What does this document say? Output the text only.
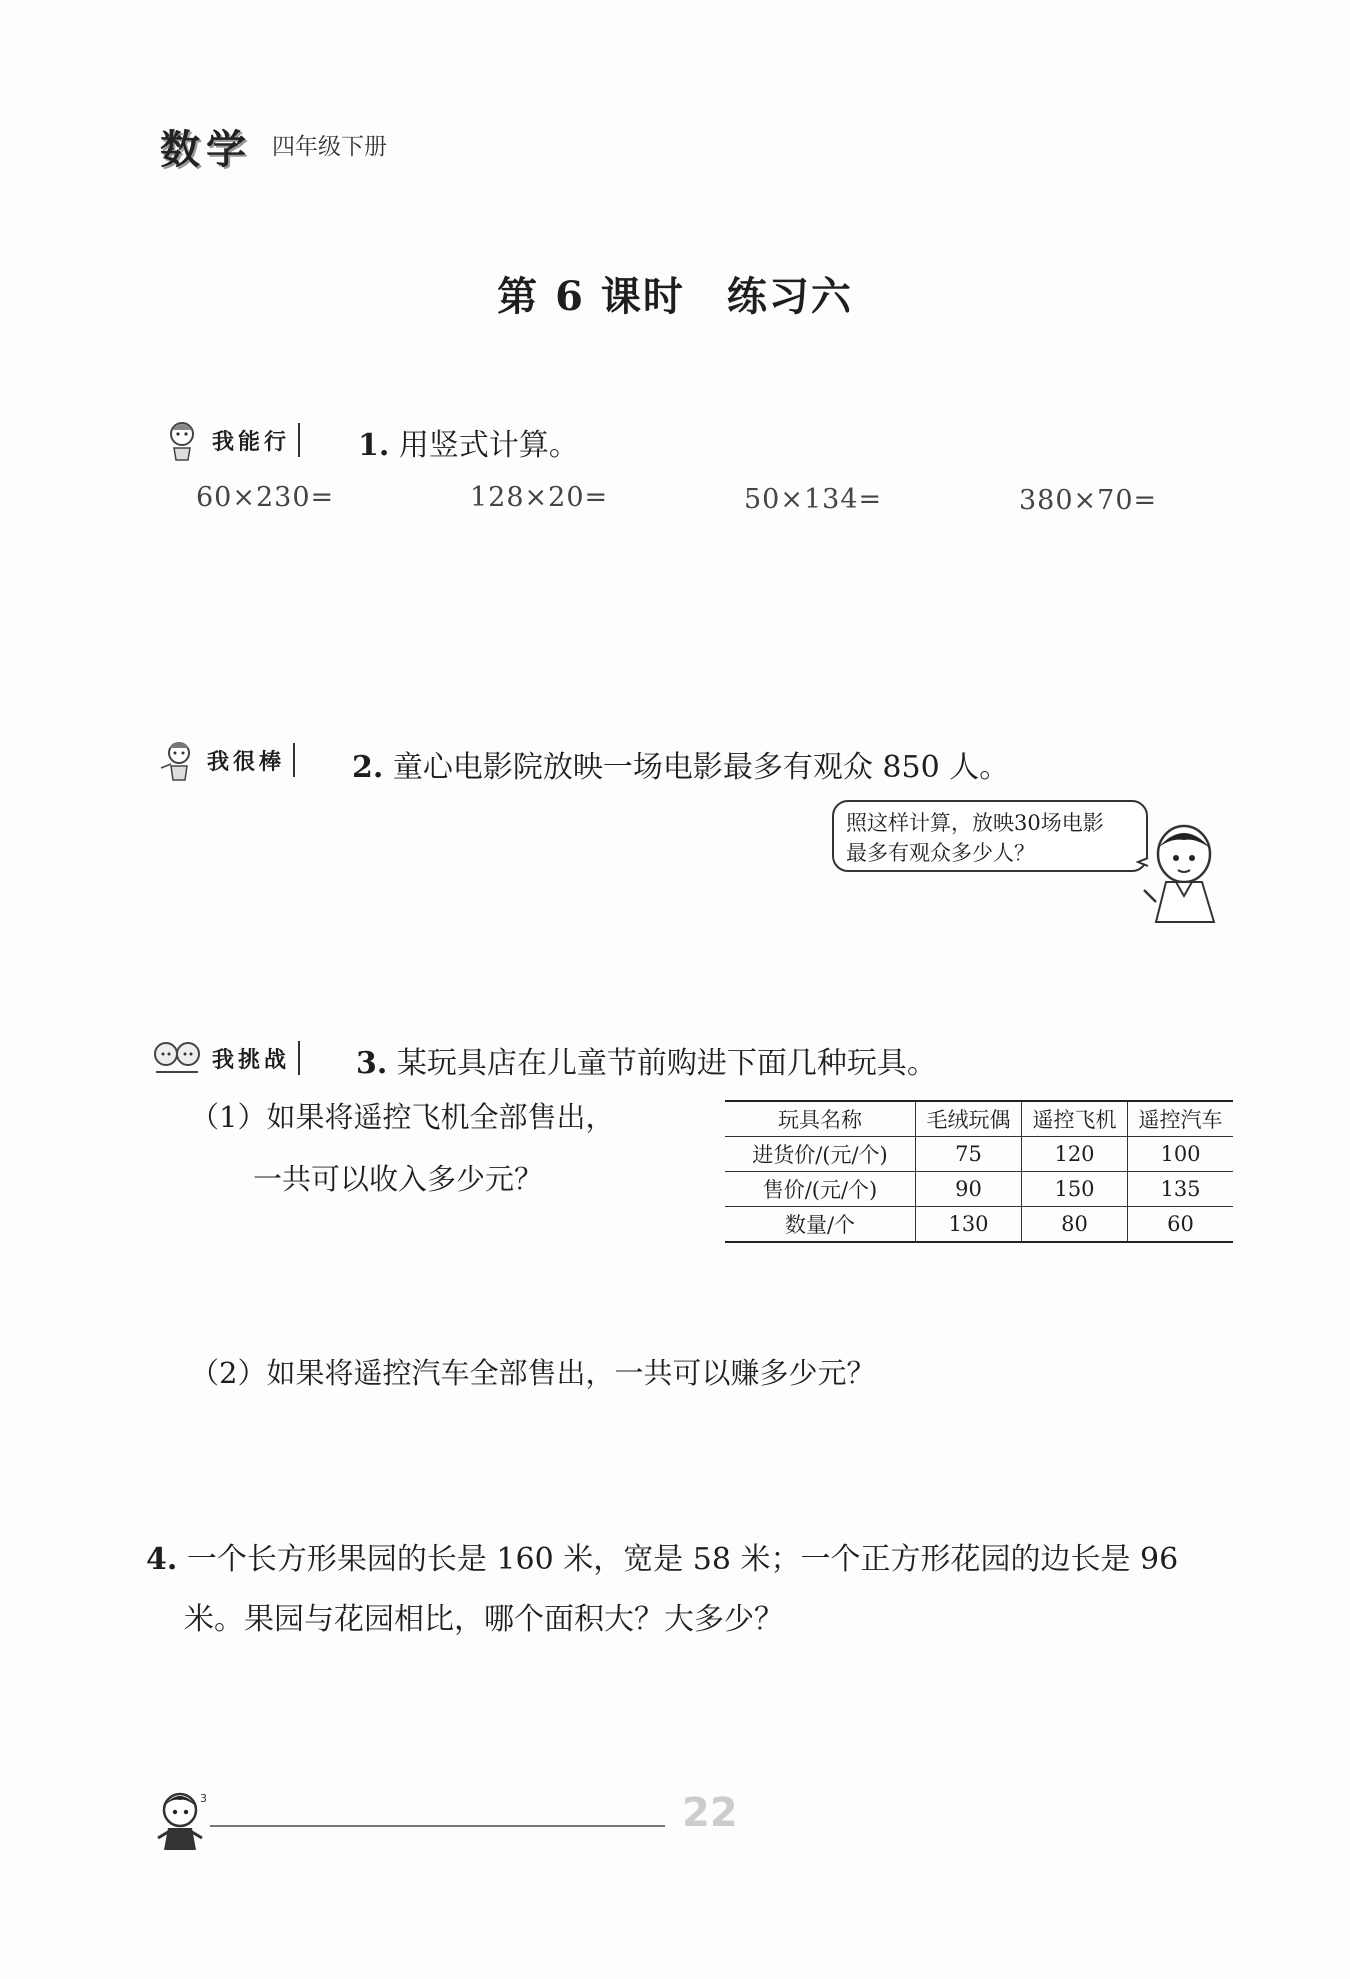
数学 四年级下册
第 6 课时　练习六
我能行 1. 用竖式计算。
60×230=	128×20=	50×134=	380×70=
我很棒 2. 童心电影院放映一场电影最多有观众 850 人。
照这样计算，放映30场电影
最多有观众多少人？
我挑战 3. 某玩具店在儿童节前购进下面几种玩具。
（1）如果将遥控飞机全部售出，
一共可以收入多少元？
玩具名称	毛绒玩偶	遥控飞机	遥控汽车
进货价/(元/个)	75	120	100
售价/(元/个)	90	150	135
数量/个	130	80	60
（2）如果将遥控汽车全部售出，一共可以赚多少元？
4. 一个长方形果园的长是 160 米，宽是 58 米；一个正方形花园的边长是 96
米。果园与花园相比，哪个面积大？大多少？
3	22
